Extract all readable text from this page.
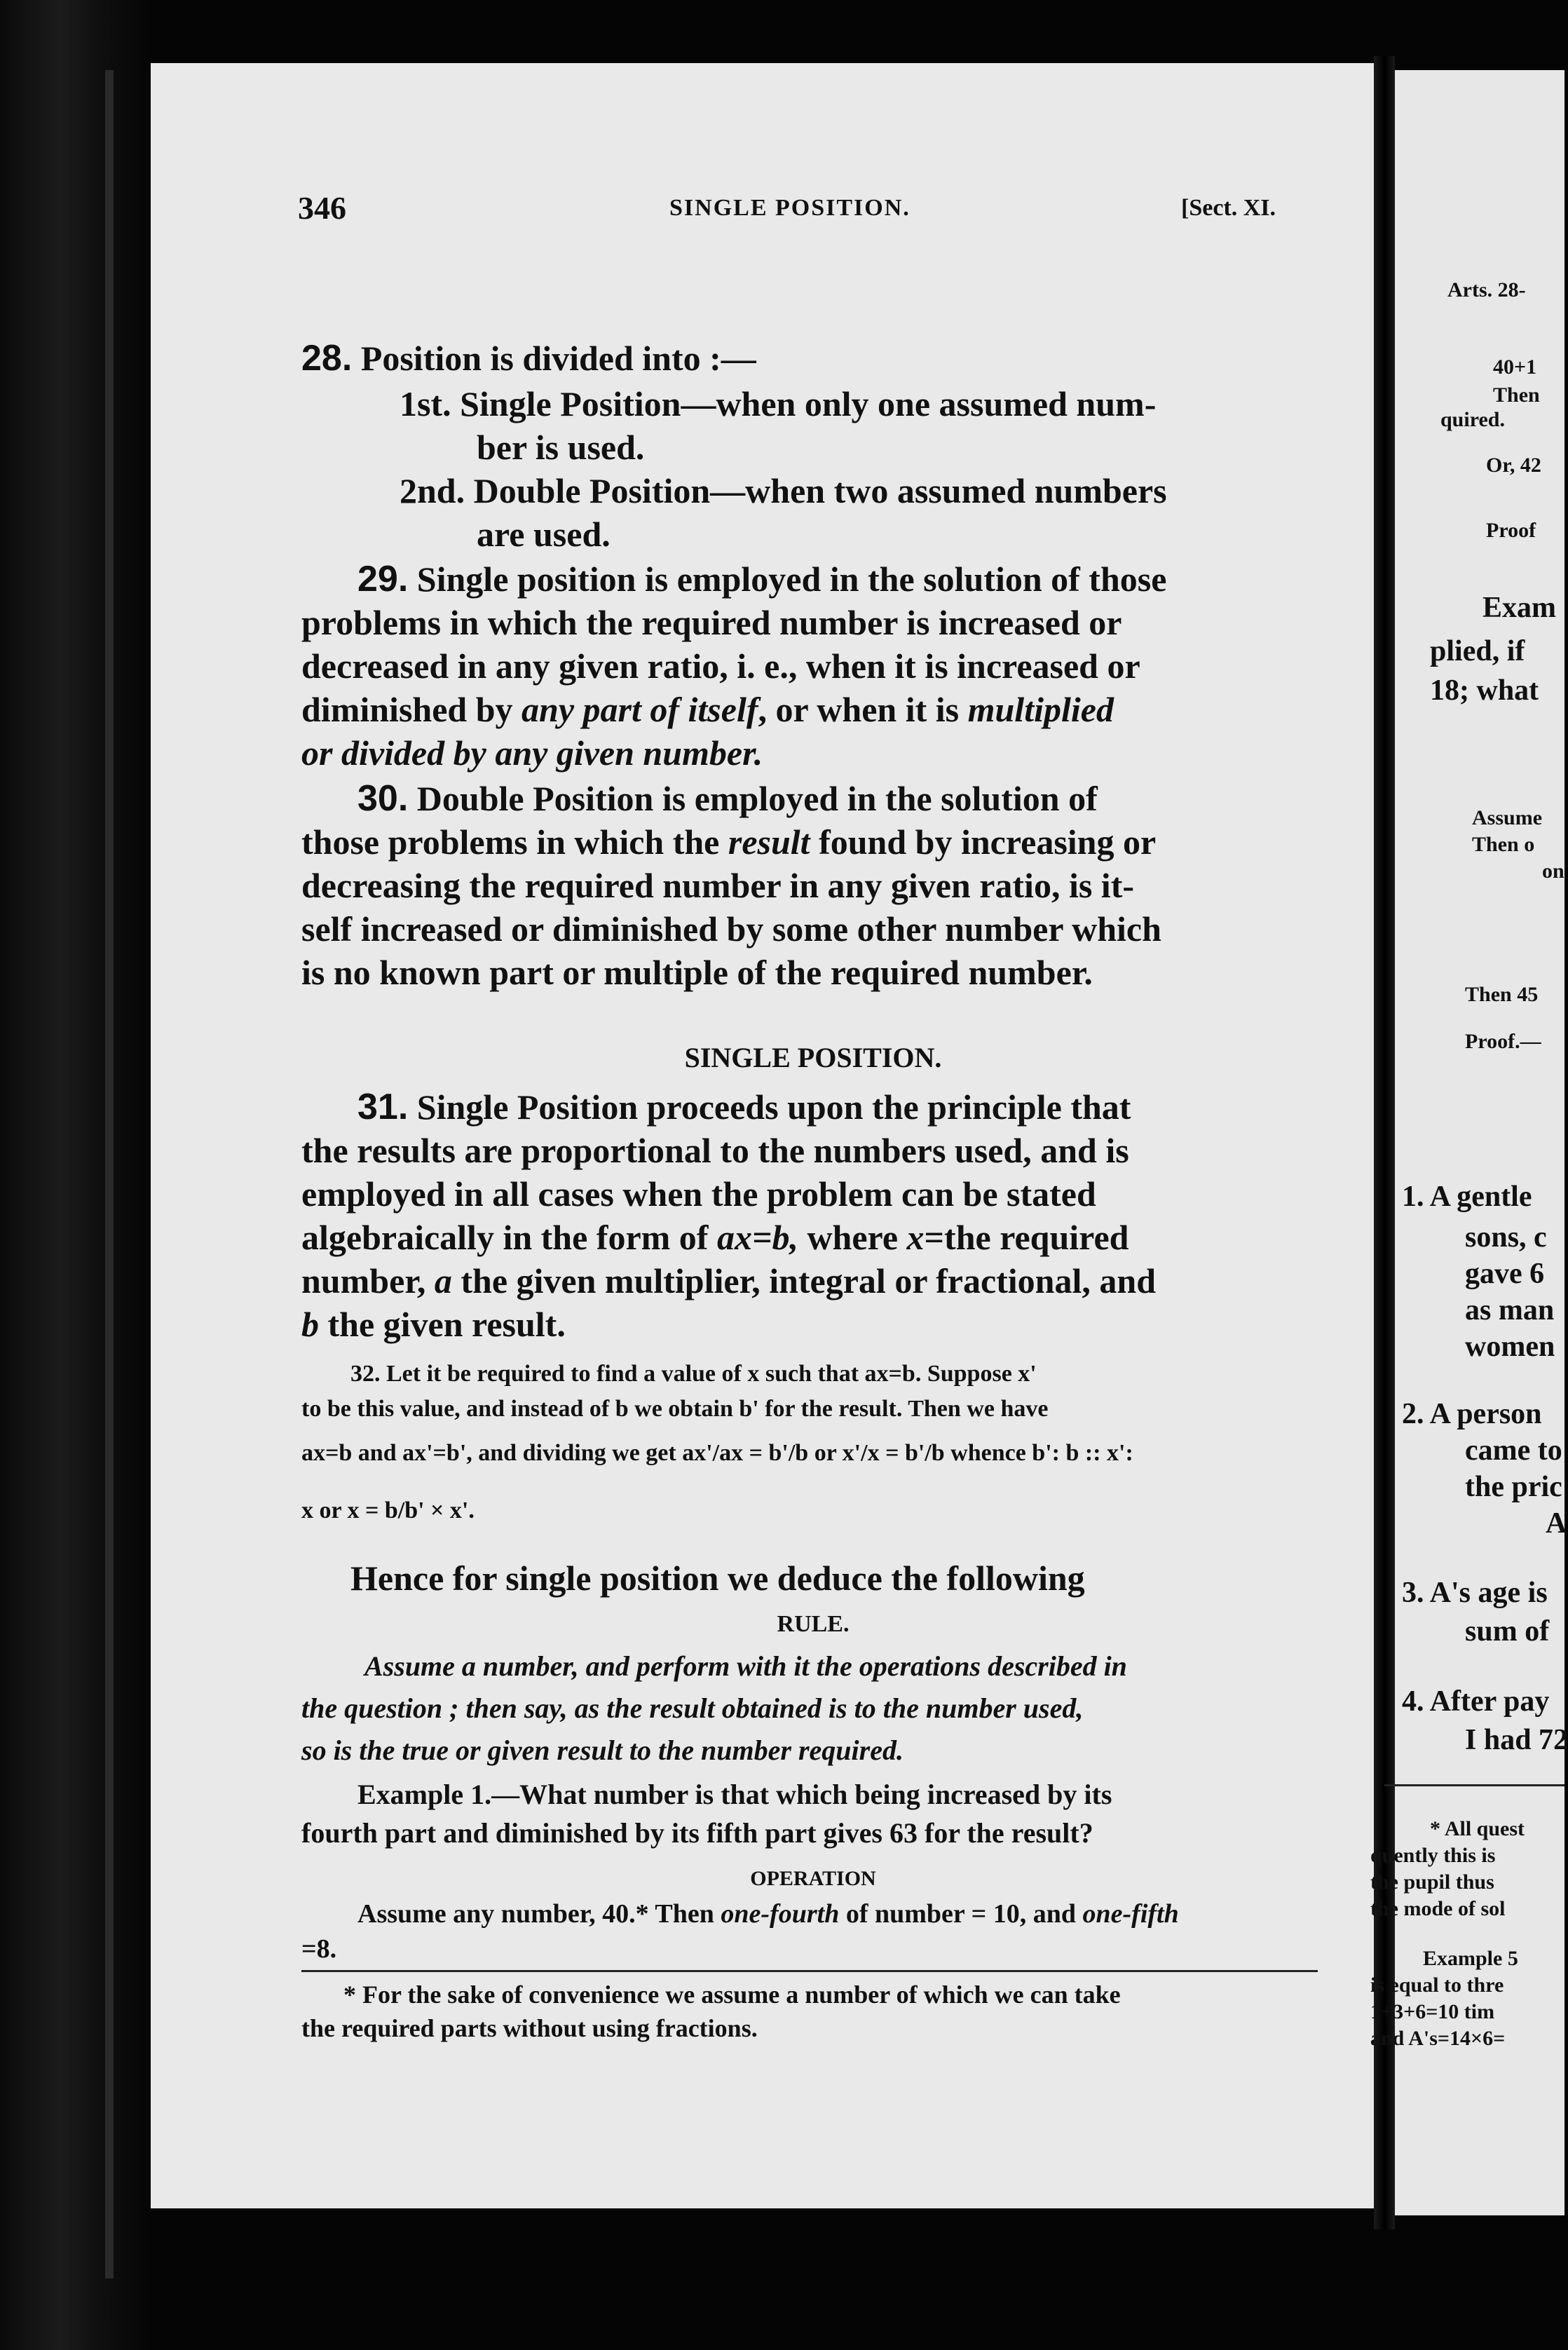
346	SINGLE POSITION.	[Sect. XI.
28. Position is divided into :—
1st. Single Position—when only one assumed num-
ber is used.
2nd. Double Position—when two assumed numbers
are used.
29. Single position is employed in the solution of those
problems in which the required number is increased or
decreased in any given ratio, i. e., when it is increased or
diminished by any part of itself, or when it is multiplied
or divided by any given number.
30. Double Position is employed in the solution of
those problems in which the result found by increasing or
decreasing the required number in any given ratio, is it-
self increased or diminished by some other number which
is no known part or multiple of the required number.
SINGLE POSITION.
31. Single Position proceeds upon the principle that
the results are proportional to the numbers used, and is
employed in all cases when the problem can be stated
algebraically in the form of ax=b, where x=the required
number, a the given multiplier, integral or fractional, and
b the given result.
32. Let it be required to find a value of x such that ax=b. Suppose x'
to be this value, and instead of b we obtain b' for the result. Then we have
ax=b and ax'=b', and dividing we get ax'/ax = b'/b or x'/x = b'/b whence b': b :: x':
x or x = b/b' × x'.
Hence for single position we deduce the following
RULE.
Assume a number, and perform with it the operations described in
the question ; then say, as the result obtained is to the number used,
so is the true or given result to the number required.
Example 1.—What number is that which being increased by its
fourth part and diminished by its fifth part gives 63 for the result?
OPERATION
Assume any number, 40.* Then one-fourth of number = 10, and one-fifth
=8.
* For the sake of convenience we assume a number of which we can take
the required parts without using fractions.
Arts. 28-
40+1
Then
quired.
Or, 42
Proof
Exam
plied, if
18; what
Assume
Then o
on
Then 45
Proof.—
1. A gentle
sons, c
gave 6
as man
women
2. A person
came to
the pric
A
3. A's age is
sum of
4. After pay
I had 72
* All quest
quently this is
the pupil thus
the mode of sol
Example 5
is equal to thre
1+3+6=10 tim
and A's=14×6=
